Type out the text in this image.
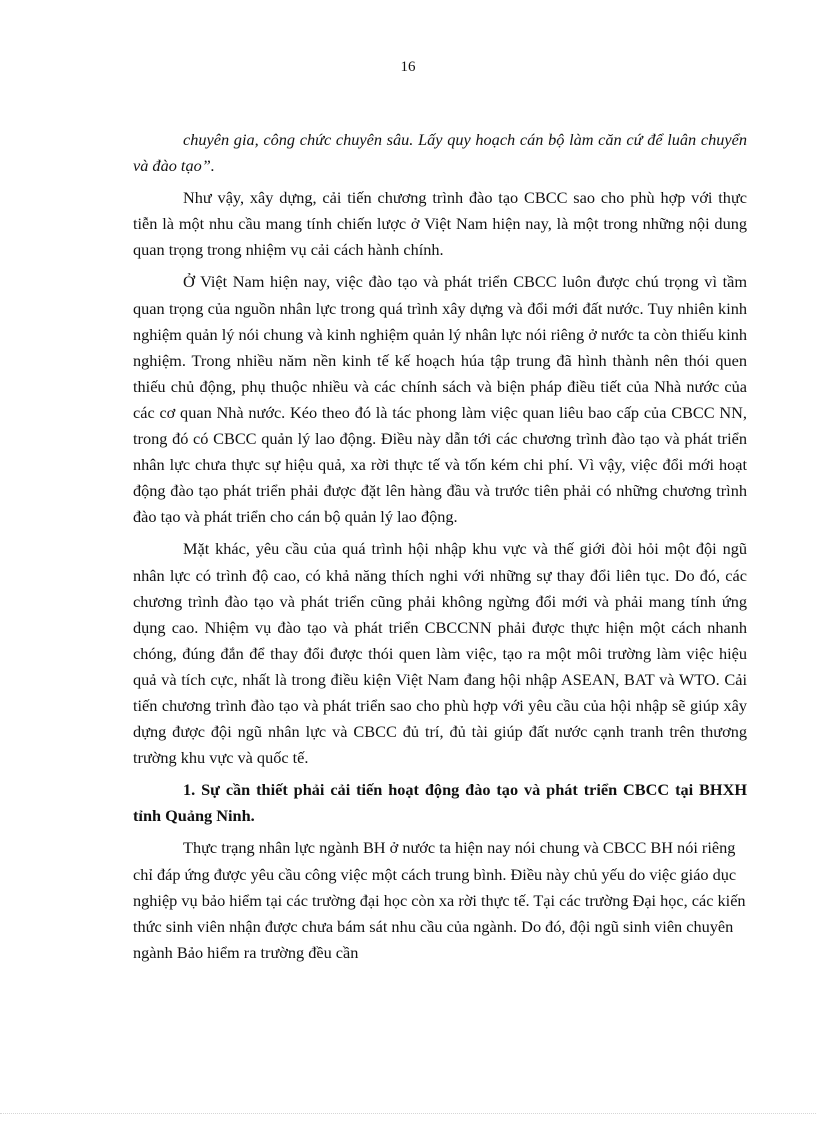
16

chuyên gia, công chức chuyên sâu. Lấy quy hoạch cán bộ làm căn cứ để luân chuyển và đào tạo”.

Như vậy, xây dựng, cải tiến chương trình đào tạo CBCC sao cho phù hợp với thực tiễn là một nhu cầu mang tính chiến lược ở Việt Nam hiện nay, là một trong những nội dung quan trọng trong nhiệm vụ cải cách hành chính.

Ở Việt Nam hiện nay, việc đào tạo và phát triển CBCC luôn được chú trọng vì tầm quan trọng của nguồn nhân lực trong quá trình xây dựng và đổi mới đất nước. Tuy nhiên kinh nghiệm quản lý nói chung và kinh nghiệm quản lý nhân lực nói riêng ở nước ta còn thiếu kinh nghiệm. Trong nhiều năm nền kinh tế kế hoạch húa tập trung đã hình thành nên thói quen thiếu chủ động, phụ thuộc nhiều và các chính sách và biện pháp điều tiết của Nhà nước của các cơ quan Nhà nước. Kéo theo đó là tác phong làm việc quan liêu bao cấp của CBCC NN, trong đó có CBCC quản lý lao động. Điều này dẫn tới các chương trình đào tạo và phát triển nhân lực chưa thực sự hiệu quả, xa rời thực tế và tốn kém chi phí. Vì vậy, việc đổi mới hoạt động đào tạo phát triển phải được đặt lên hàng đầu và trước tiên phải có những chương trình đào tạo và phát triển cho cán bộ quản lý lao động.

Mặt khác, yêu cầu của quá trình hội nhập khu vực và thế giới đòi hỏi một đội ngũ nhân lực có trình độ cao, có khả năng thích nghi với những sự thay đổi liên tục. Do đó, các chương trình đào tạo và phát triển cũng phải không ngừng đổi mới và phải mang tính ứng dụng cao. Nhiệm vụ đào tạo và phát triển CBCCNN phải được thực hiện một cách nhanh chóng, đúng đắn để thay đổi được thói quen làm việc, tạo ra một môi trường làm việc hiệu quả và tích cực, nhất là trong điều kiện Việt Nam đang hội nhập ASEAN, BAT và WTO. Cải tiến chương trình đào tạo và phát triển sao cho phù hợp với yêu cầu của hội nhập sẽ giúp xây dựng được đội ngũ nhân lực và CBCC đủ trí, đủ tài giúp đất nước cạnh tranh trên thương trường khu vực và quốc tế.

1. Sự cần thiết phải cải tiến hoạt động đào tạo và phát triển CBCC tại BHXH tỉnh Quảng Ninh.

Thực trạng nhân lực ngành BH ở nước ta hiện nay nói chung và CBCC BH nói riêng chỉ đáp ứng được yêu cầu công việc một cách trung bình. Điều này chủ yếu do việc giáo dục nghiệp vụ bảo hiểm tại các trường đại học còn xa rời thực tế. Tại các trường Đại học, các kiến thức sinh viên nhận được chưa bám sát nhu cầu của ngành. Do đó, đội ngũ sinh viên chuyên ngành Bảo hiểm ra trường đều cần
